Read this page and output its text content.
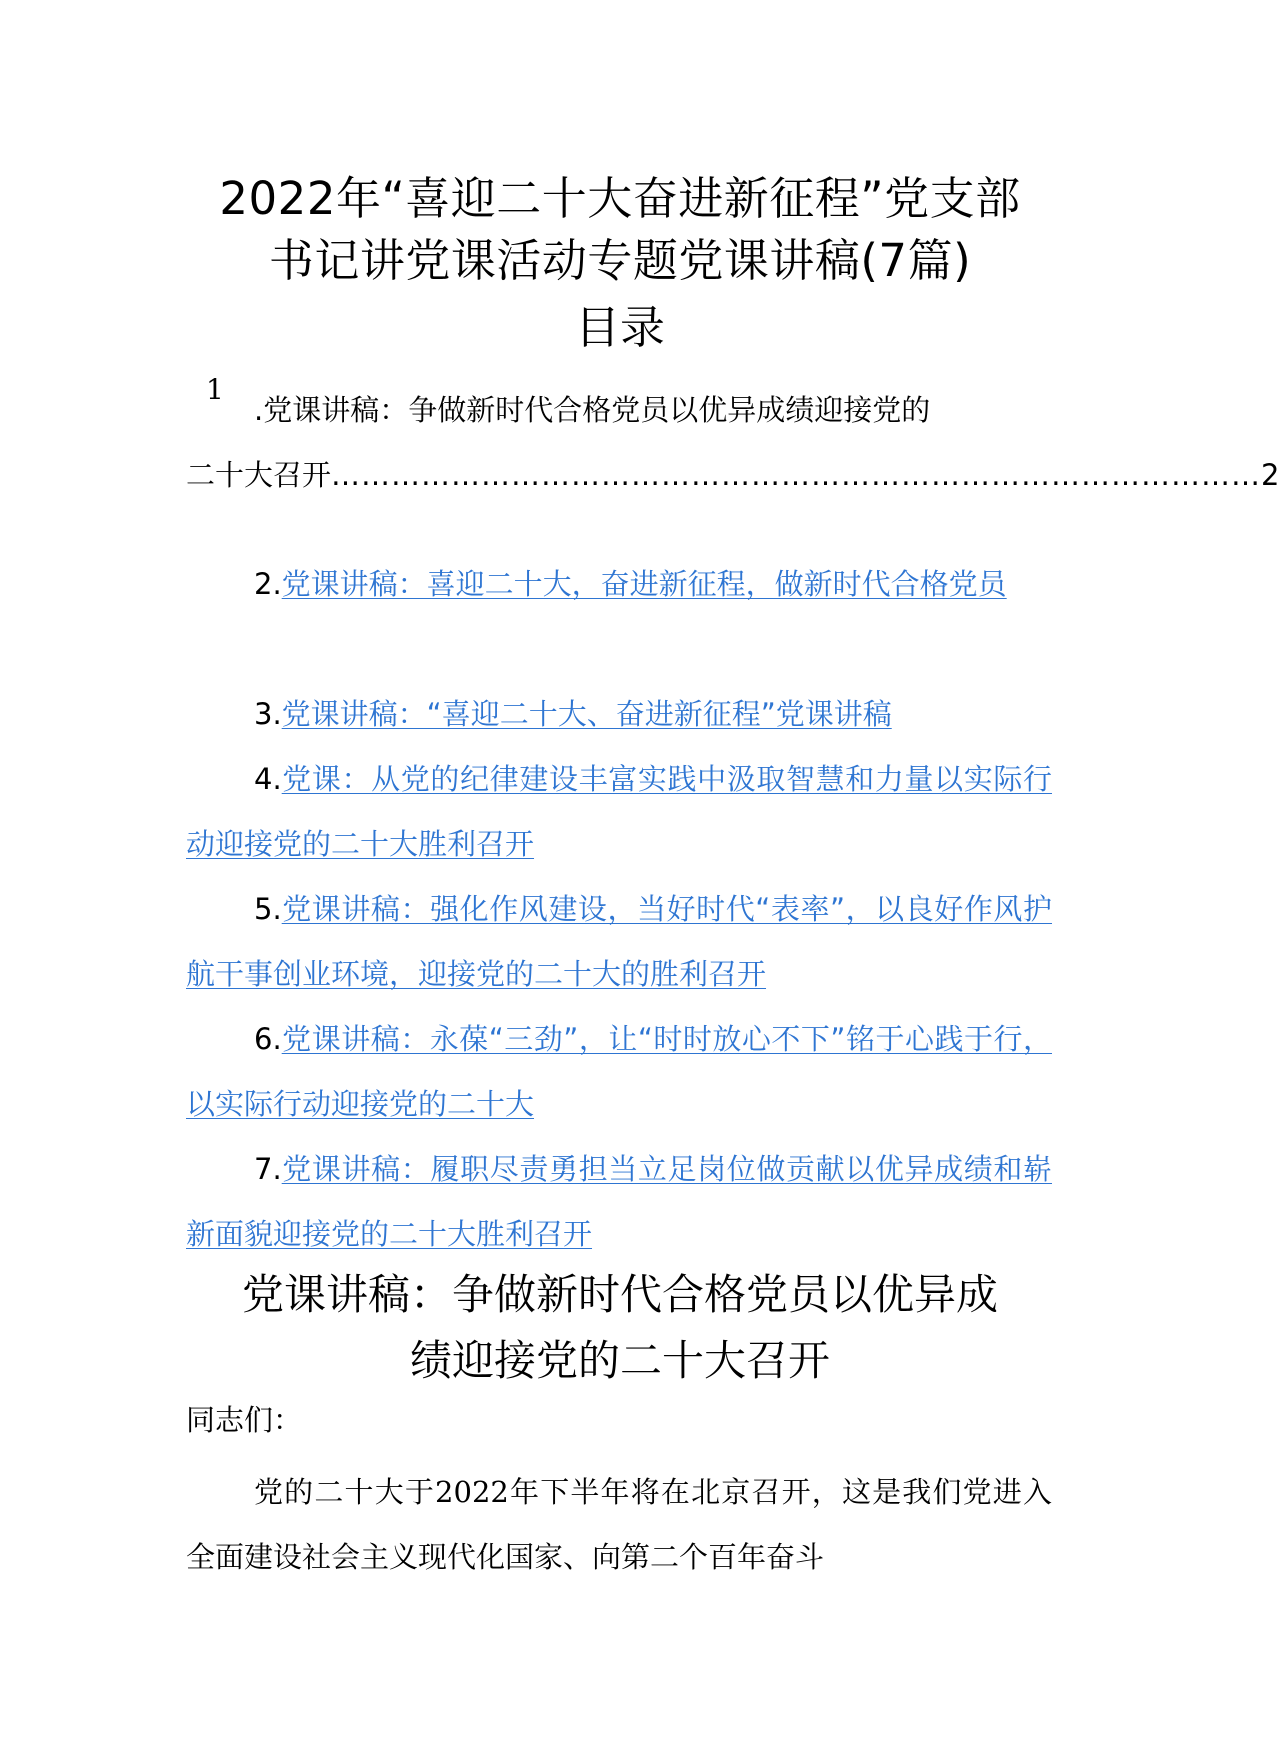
2022年“喜迎二十大奋进新征程”党支部
书记讲党课活动专题党课讲稿(7篇)
目录
1
.党课讲稿：争做新时代合格党员以优异成绩迎接党的
二十大召开 ………………………………………………………………………………… 2
2.党课讲稿：喜迎二十大，奋进新征程，做新时代合格党员
3.党课讲稿：“喜迎二十大、奋进新征程”党课讲稿
4.党课：从党的纪律建设丰富实践中汲取智慧和力量以实际行动迎接党的二十大胜利召开
5.党课讲稿：强化作风建设，当好时代“表率”，以良好作风护航干事创业环境，迎接党的二十大的胜利召开
6.党课讲稿：永葆“三劲”，让“时时放心不下”铭于心践于行，以实际行动迎接党的二十大
7.党课讲稿：履职尽责勇担当立足岗位做贡献以优异成绩和崭新面貌迎接党的二十大胜利召开
党课讲稿：争做新时代合格党员以优异成
绩迎接党的二十大召开
同志们：
党的二十大于2022年下半年将在北京召开，这是我们党进入全面建设社会主义现代化国家、向第二个百年奋斗
